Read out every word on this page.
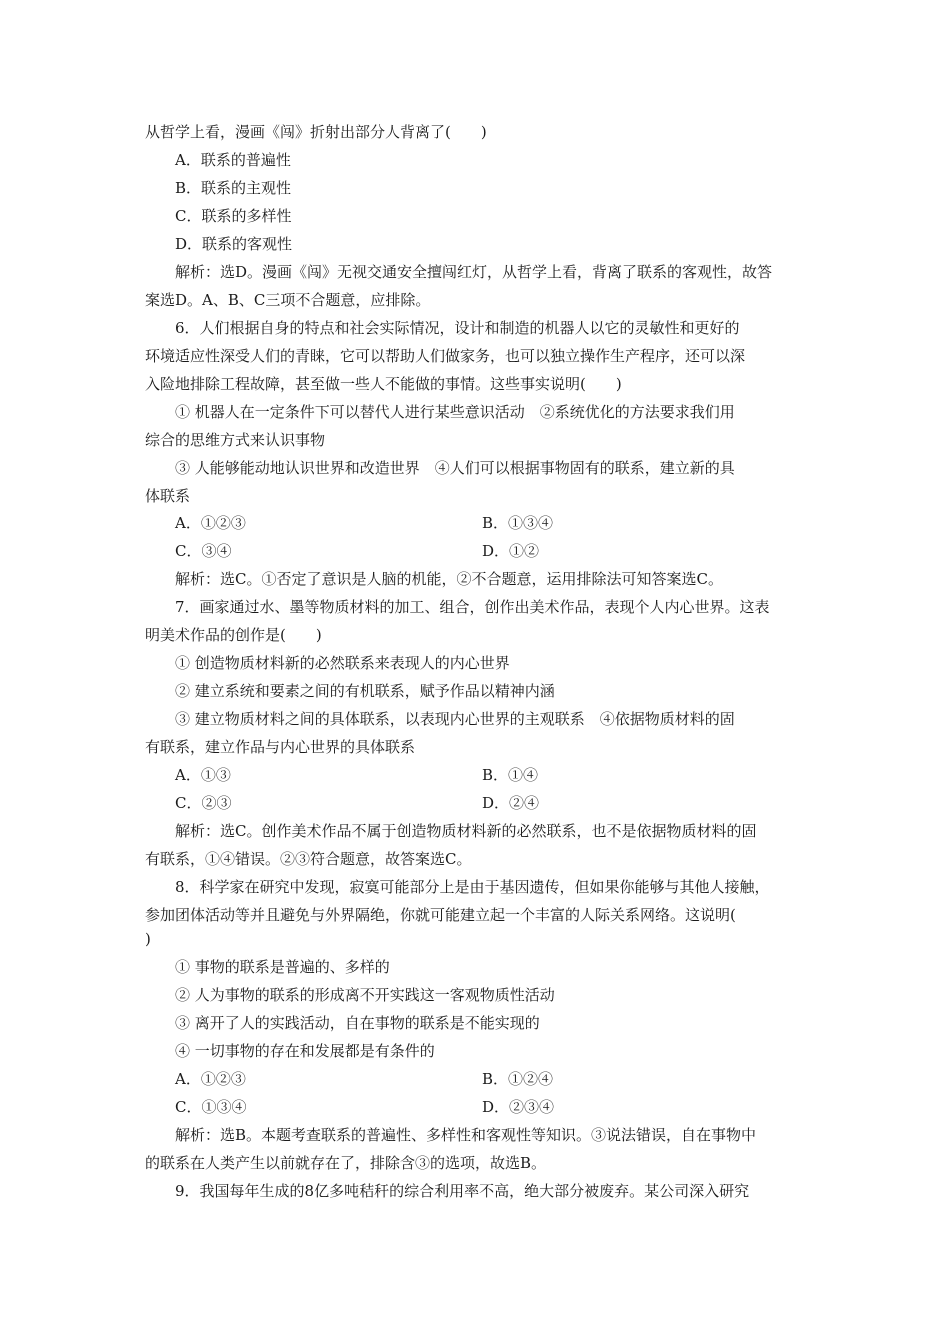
从哲学上看，漫画《闯》折射出部分人背离了(　　)
A．联系的普遍性
B．联系的主观性
C．联系的多样性
D．联系的客观性
解析：选D。漫画《闯》无视交通安全擅闯红灯，从哲学上看，背离了联系的客观性，故答
案选D。A、B、C三项不合题意，应排除。
6．人们根据自身的特点和社会实际情况，设计和制造的机器人以它的灵敏性和更好的
环境适应性深受人们的青睐，它可以帮助人们做家务，也可以独立操作生产程序，还可以深
入险地排除工程故障，甚至做一些人不能做的事情。这些事实说明(　　)
① 机器人在一定条件下可以替代人进行某些意识活动　②系统优化的方法要求我们用
综合的思维方式来认识事物
③ 人能够能动地认识世界和改造世界　④人们可以根据事物固有的联系，建立新的具
体联系
A．①②③	B．①③④
C．③④	D．①②
解析：选C。①否定了意识是人脑的机能，②不合题意，运用排除法可知答案选C。
7．画家通过水、墨等物质材料的加工、组合，创作出美术作品，表现个人内心世界。这表
明美术作品的创作是(　　)
① 创造物质材料新的必然联系来表现人的内心世界
② 建立系统和要素之间的有机联系，赋予作品以精神内涵
③ 建立物质材料之间的具体联系，以表现内心世界的主观联系　④依据物质材料的固
有联系，建立作品与内心世界的具体联系
A．①③	B．①④
C．②③	D．②④
解析：选C。创作美术作品不属于创造物质材料新的必然联系，也不是依据物质材料的固
有联系，①④错误。②③符合题意，故答案选C。
8．科学家在研究中发现，寂寞可能部分上是由于基因遗传，但如果你能够与其他人接触，
参加团体活动等并且避免与外界隔绝，你就可能建立起一个丰富的人际关系网络。这说明(
)
① 事物的联系是普遍的、多样的
② 人为事物的联系的形成离不开实践这一客观物质性活动
③ 离开了人的实践活动，自在事物的联系是不能实现的
④ 一切事物的存在和发展都是有条件的
A．①②③	B．①②④
C．①③④	D．②③④
解析：选B。本题考查联系的普遍性、多样性和客观性等知识。③说法错误，自在事物中
的联系在人类产生以前就存在了，排除含③的选项，故选B。
9．我国每年生成的8亿多吨秸秆的综合利用率不高，绝大部分被废弃。某公司深入研究
